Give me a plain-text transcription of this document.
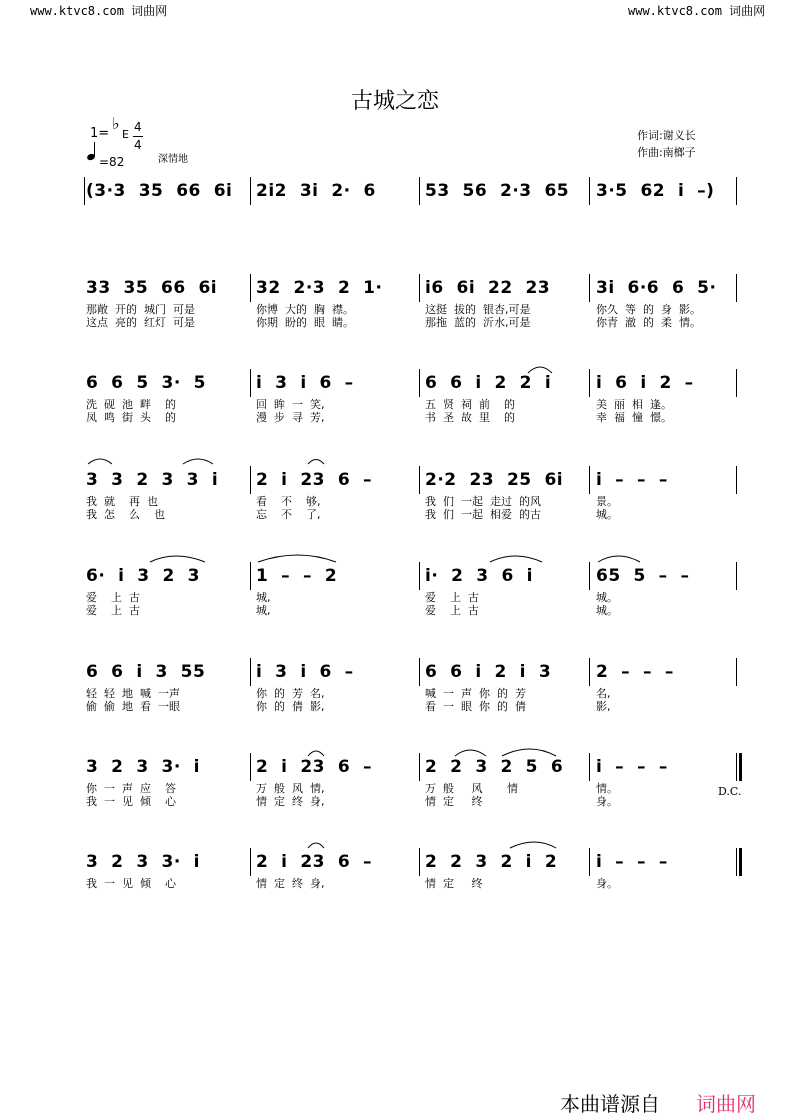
www.ktvc8.com 词曲网	www.ktvc8.com 词曲网
古城之恋
1=
♭
E
4
4
=82	深情地
作词:谢义长
作曲:南榔子
(3·3  35  66  6i 2i2  3i  2·  6	53  56  2·3  65 3·5  62  i  –)
33  35  66  6i
那敞  开的  城门  可是
这点  亮的  红灯  可是
32  2·3  2  1·
你博  大的  胸  襟。
你期  盼的  眼  睛。
i6  6i  22  23
这挺  拔的  银杏,可是
那拖  蓝的  沂水,可是
3i  6·6  6  5·
你久  等  的  身  影。
你青  澈  的  柔  情。
6  6  5  3·  5
洗  砚  池  畔    的
凤  鸣  街  头    的
i  3  i  6  –
回  眸  一  笑,
漫  步  寻  芳,
6  6  i  2  2  i
五  贤  祠  前    的
书  圣  故  里    的
i  6  i  2  –
美  丽  相  逢。
幸  福  憧  憬。
3  3  2  3  3  i
我  就    再  也
我  怎    么    也
2  i  23  6  –
看    不    够,
忘    不    了,
2·2  23  25  6i
我  们  一起  走过  的风
我  们  一起  相爱  的古
i  –  –  –
景。
城。
6·  i  3  2  3
爱    上  古
爱    上  古
1  –  –  2
城,
城,
i·  2  3  6  i
爱    上  古
爱    上  古
65  5  –  –
城。
城。
6  6  i  3  55
轻  轻  地  喊  一声
偷  偷  地  看  一眼
i  3  i  6  –
你  的  芳  名,
你  的  倩  影,
6  6  i  2  i  3
喊  一  声  你  的  芳
看  一  眼  你  的  倩
2  –  –  –
名,
影,
3  2  3  3·  i
你  一  声  应    答
我  一  见  倾    心
2  i  23  6  –
万  般  风  情,
情  定  终  身,
2  2  3  2  5  6
万  般     风       情
情  定     终
i  –  –  –
情。
身。
3  2  3  3·  i
我  一  见  倾    心
2  i  23  6  –
情  定  终  身,
2  2  3  2  i  2
情  定     终
i  –  –  –
身。
D.C.
本曲谱源自 词曲网
